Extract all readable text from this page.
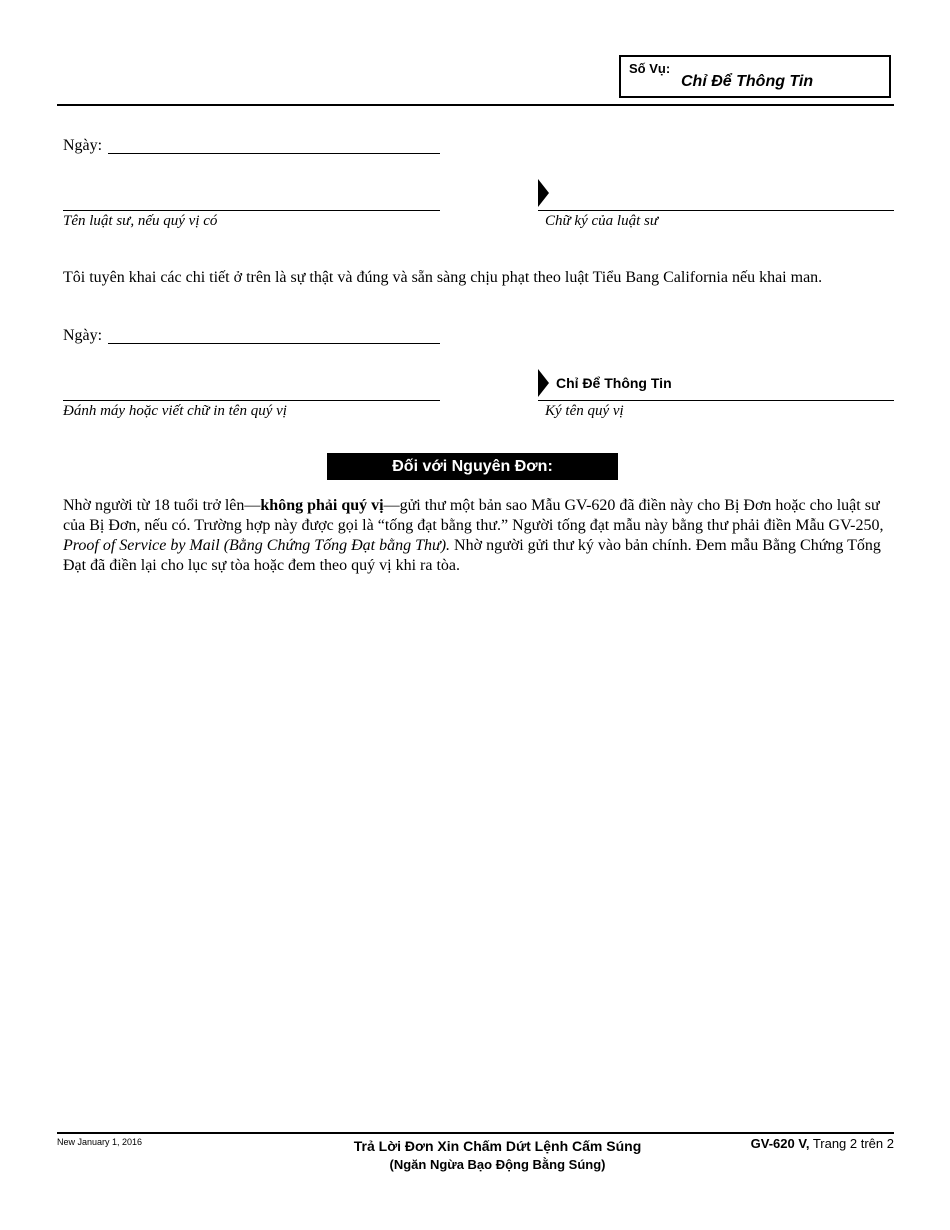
Số Vụ:
Chỉ Để Thông Tin
Ngày:
Tên luật sư, nếu quý vị có	Chữ ký của luật sư
Tôi tuyên khai các chi tiết ở trên là sự thật và đúng và sẵn sàng chịu phạt theo luật Tiểu Bang California nếu khai man.
Ngày:
Đánh máy hoặc viết chữ in tên quý vị
Chỉ Để Thông Tin
Ký tên quý vị
Đối với Nguyên Đơn:

Nhờ người từ 18 tuổi trở lên—không phải quý vị—gửi thư một bản sao Mẫu GV-620 đã điền này cho Bị Đơn hoặc cho luật sư của Bị Đơn, nếu có. Trường hợp này được gọi là “tống đạt bằng thư.” Người tống đạt mẫu này bằng thư phải điền Mẫu GV-250, Proof of Service by Mail (Bằng Chứng Tống Đạt bằng Thư). Nhờ người gửi thư ký vào bản chính. Đem mẫu Bằng Chứng Tống Đạt đã điền lại cho lục sự tòa hoặc đem theo quý vị khi ra tòa.

New January 1, 2016	Trả Lời Đơn Xin Chấm Dứt Lệnh Cấm Súng
(Ngăn Ngừa Bạo Động Bằng Súng)
GV-620 V, Trang 2 trên 2
